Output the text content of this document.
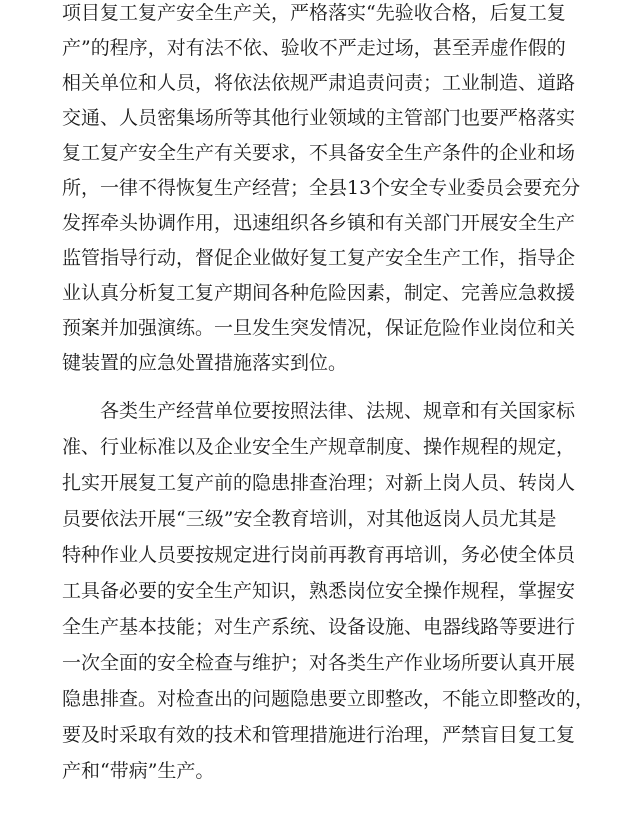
项目复工复产安全生产关，严格落实“先验收合格，后复工复
产”的程序，对有法不依、验收不严走过场，甚至弄虚作假的
相关单位和人员，将依法依规严肃追责问责；工业制造、道路
交通、人员密集场所等其他行业领域的主管部门也要严格落实
复工复产安全生产有关要求，不具备安全生产条件的企业和场
所，一律不得恢复生产经营；全县13个安全专业委员会要充分
发挥牵头协调作用，迅速组织各乡镇和有关部门开展安全生产
监管指导行动，督促企业做好复工复产安全生产工作，指导企
业认真分析复工复产期间各种危险因素，制定、完善应急救援
预案并加强演练。一旦发生突发情况，保证危险作业岗位和关
键装置的应急处置措施落实到位。
各类生产经营单位要按照法律、法规、规章和有关国家标
准、行业标准以及企业安全生产规章制度、操作规程的规定，
扎实开展复工复产前的隐患排查治理；对新上岗人员、转岗人
员要依法开展“三级”安全教育培训，对其他返岗人员尤其是
特种作业人员要按规定进行岗前再教育再培训，务必使全体员
工具备必要的安全生产知识，熟悉岗位安全操作规程，掌握安
全生产基本技能；对生产系统、设备设施、电器线路等要进行
一次全面的安全检查与维护；对各类生产作业场所要认真开展
隐患排查。对检查出的问题隐患要立即整改，不能立即整改的，
要及时采取有效的技术和管理措施进行治理，严禁盲目复工复
产和“带病”生产。
